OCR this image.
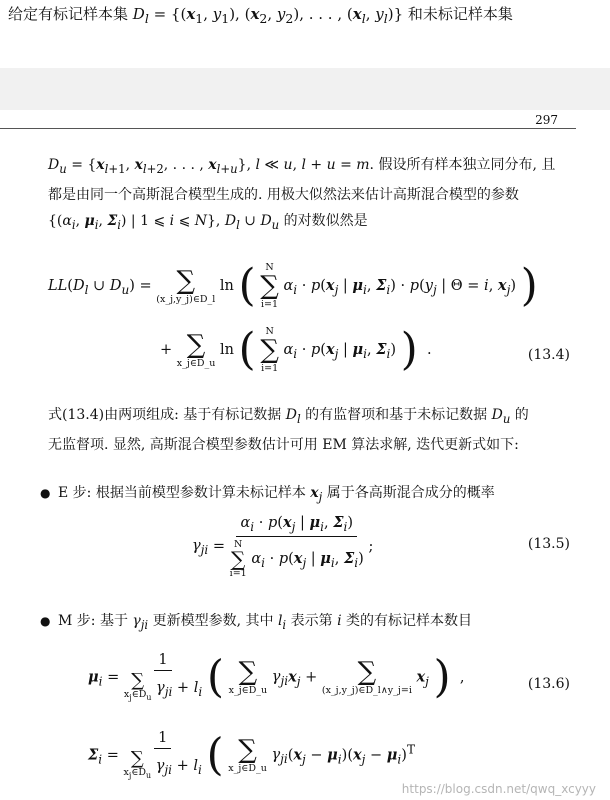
给定有标记样本集 $D_l = \{(x_1$, $y_1$), ($x_2$, $y_2$), . . . , ($x_l$, $y_l$)} 和未标记样本集
297
$D_u = \{x_{l+1}$, $x_{l+2}$, . . . , $x_{l+u}$}, l ≪ u, l + u = m. 假设所有样本独立同分布, 且
都是由同一个高斯混合模型生成的. 用极大似然法来估计高斯混合模型的参数
{($\alpha_i$, $\mu_i$, $\Sigma_i$) | 1 ⩽ i ⩽ N}, $D_l$ ∪ $D_u$ 的对数似然是
$LL(D_l$ ∪ $D_u$) = ∑
(x_j,y_j)∈D_l
ln ( N
∑
i=1
$\alpha_i \cdot p(x_j$ | $\mu_i$, $\Sigma_i) \cdot p(y_j$ | Θ = i, $x_j$) )
+ ∑
x_j∈D_u
ln ( N
∑
i=1
$\alpha_i \cdot p(x_j$ | $\mu_i$, $\Sigma_i$) ) .	(13.4)
式(13.4)由两项组成: 基于有标记数据 $D_l$ 的有监督项和基于未标记数据 $D_u$ 的
无监督项. 显然, 高斯混合模型参数估计可用 EM 算法求解, 迭代更新式如下:
● E 步: 根据当前模型参数计算未标记样本 $x_j$ 属于各高斯混合成分的概率
$\gamma_{ji} = \alpha_i \cdot p(x_j$ | $\mu_i$, $\Sigma_i$)
N
∑
i=1
$\alpha_i \cdot p(x_j$ | $\mu_i$, $\Sigma_i$) ;	(13.5)
● M 步: 基于 $\gamma_{ji}$ 更新模型参数, 其中 $l_i$ 表示第 i 类的有标记样本数目
$\mu_i = 1$
∑
$x_j\in D_u$
$\gamma_{ji} + l_i$ ( ∑
x_j∈D_u
$\gamma_{ji}x_j$ + ∑
(x_j,y_j)∈D_l∧y_j=i
$x_j$ ) ,	(13.6)
$\Sigma_i = 1$
∑
$x_j\in D_u$
$\gamma_{ji} + l_i$ ( ∑
x_j∈D_u
$\gamma_{ji}(x_j - \mu_i)(x_j - \mu_i)^T$
https://blog.csdn.net/qwq_xcyyy
